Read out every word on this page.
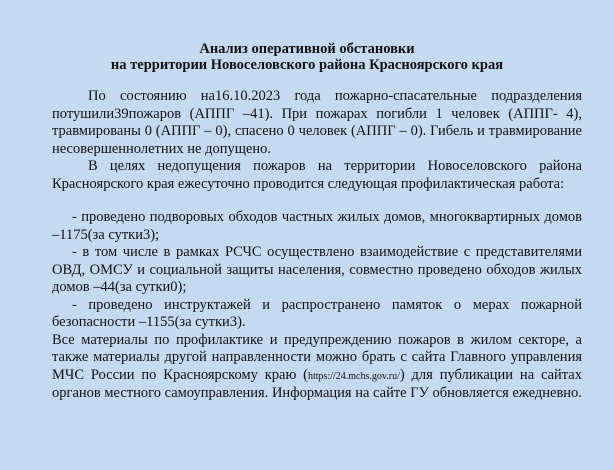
Анализ оперативной обстановки
на территории Новоселовского района Красноярского края

По состоянию на16.10.2023 года пожарно-спасательные подразделения потушили39пожаров (АППГ –41). При пожарах погибли 1 человек (АППГ- 4), травмированы 0 (АППГ – 0), спасено 0 человек (АППГ – 0). Гибель и травмирование несовершеннолетних не допущено.

В целях недопущения пожаров на территории Новоселовского района Красноярского края ежесуточно проводится следующая профилактическая работа:

- проведено подворовых обходов частных жилых домов, многоквартирных домов –1175(за сутки3);

- в том числе в рамках РСЧС осуществлено взаимодействие с представителями ОВД, ОМСУ и социальной защиты населения, совместно проведено обходов жилых домов –44(за сутки0);

- проведено инструктажей и распространено памяток о мерах пожарной безопасности –1155(за сутки3).

Все материалы по профилактике и предупреждению пожаров в жилом секторе, а также материалы другой направленности можно брать с сайта Главного управления МЧС России по Красноярскому краю (https://24.mchs.gov.ru/) для публикации на сайтах органов местного самоуправления. Информация на сайте ГУ обновляется ежедневно.
